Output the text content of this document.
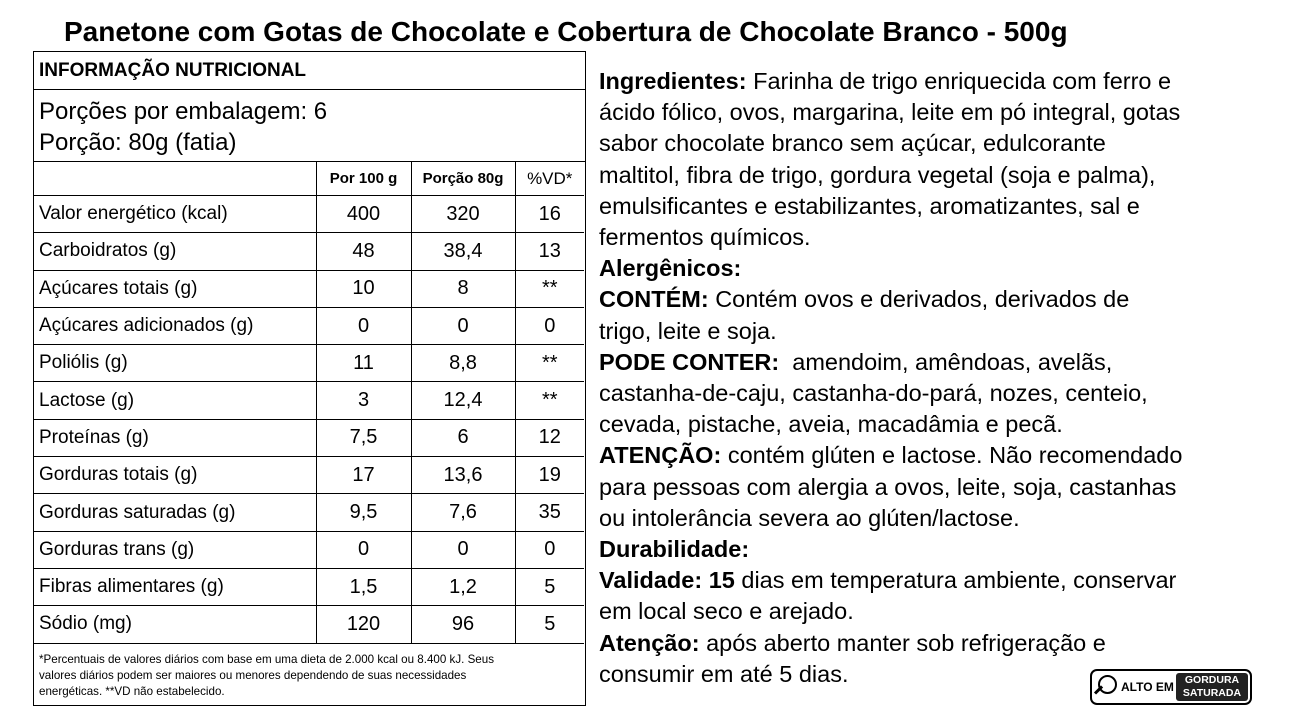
Panetone com Gotas de Chocolate e Cobertura de Chocolate Branco - 500g
INFORMAÇÃO NUTRICIONAL
Porções por embalagem: 6
Porção: 80g (fatia)
	Por 100 g	Porção 80g	%VD*
Valor energético (kcal)	400	320	16
Carboidratos (g)	48	38,4	13
Açúcares totais (g)	10	8	**
Açúcares adicionados (g)	0	0	0
Poliólis (g)	11	8,8	**
Lactose (g)	3	12,4	**
Proteínas (g)	7,5	6	12
Gorduras totais (g)	17	13,6	19
Gorduras saturadas (g)	9,5	7,6	35
Gorduras trans (g)	0	0	0
Fibras alimentares (g)	1,5	1,2	5
Sódio (mg)	120	96	5
*Percentuais de valores diários com base em uma dieta de 2.000 kcal ou 8.400 kJ. Seus
valores diários podem ser maiores ou menores dependendo de suas necessidades
energéticas. **VD não estabelecido.

Ingredientes: Farinha de trigo enriquecida com ferro e

ácido fólico, ovos, margarina, leite em pó integral, gotas

sabor chocolate branco sem açúcar, edulcorante

maltitol, fibra de trigo, gordura vegetal (soja e palma),

emulsificantes e estabilizantes, aromatizantes, sal e

fermentos químicos.

Alergênicos:

CONTÉM: Contém ovos e derivados, derivados de

trigo, leite e soja.

PODE CONTER: amendoim, amêndoas, avelãs,

castanha-de-caju, castanha-do-pará, nozes, centeio,

cevada, pistache, aveia, macadâmia e pecã.

ATENÇÃO: contém glúten e lactose. Não recomendado

para pessoas com alergia a ovos, leite, soja, castanhas

ou intolerância severa ao glúten/lactose.

Durabilidade:

Validade: 15 dias em temperatura ambiente, conservar

em local seco e arejado.

Atenção: após aberto manter sob refrigeração e

consumir em até 5 dias.

ALTO EM	GORDURA
SATURADA
